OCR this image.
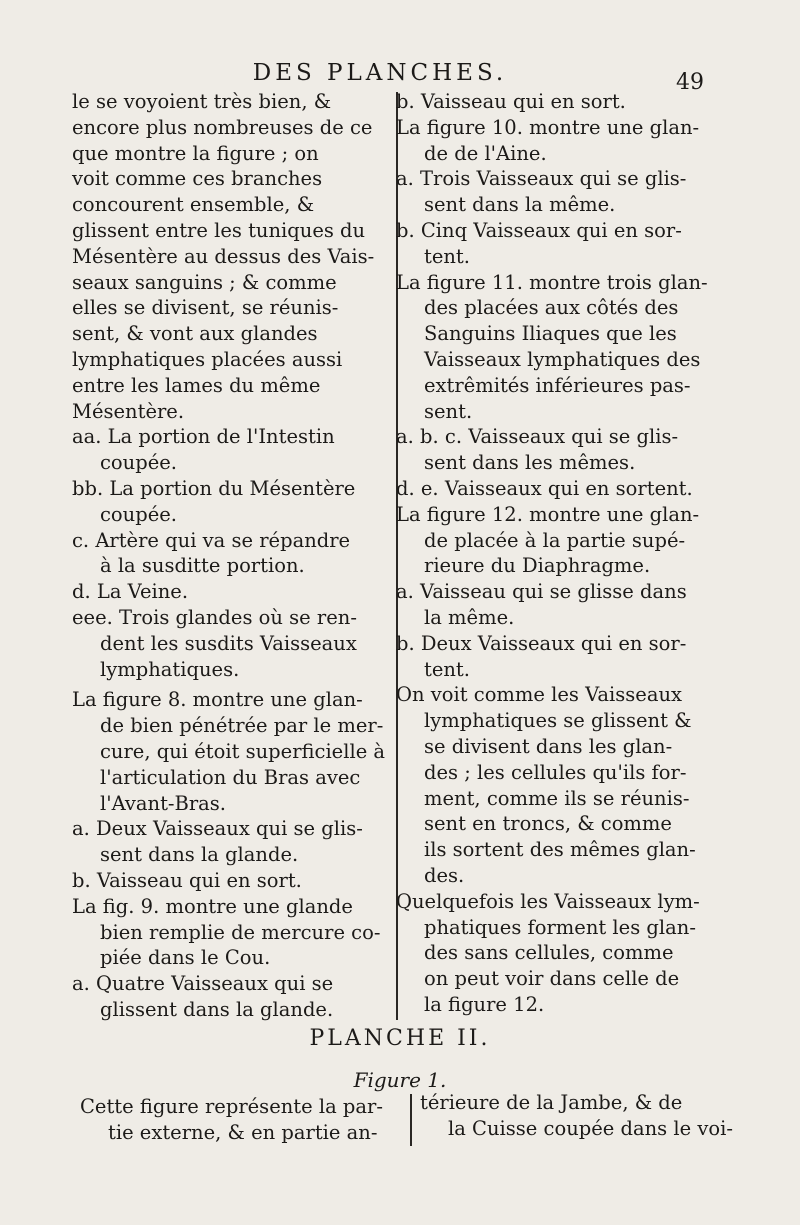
DES PLANCHES.	49
le se voyoient très bien, &
encore plus nombreuses de ce
que montre la figure ; on
voit comme ces branches
concourent ensemble, &
glissent entre les tuniques du
Mésentère au dessus des Vais-
seaux sanguins ; & comme
elles se divisent, se réunis-
sent, & vont aux glandes
lymphatiques placées aussi
entre les lames du même
Mésentère.
aa. La portion de l'Intestin
coupée.
bb. La portion du Mésentère
coupée.
c. Artère qui va se répandre
à la susditte portion.
d. La Veine.
eee. Trois glandes où se ren-
dent les susdits Vaisseaux
lymphatiques.
La figure 8. montre une glan-
de bien pénétrée par le mer-
cure, qui étoit superficielle à
l'articulation du Bras avec
l'Avant-Bras.
a. Deux Vaisseaux qui se glis-
sent dans la glande.
b. Vaisseau qui en sort.
La fig. 9. montre une glande
bien remplie de mercure co-
piée dans le Cou.
a. Quatre Vaisseaux qui se
glissent dans la glande.
b. Vaisseau qui en sort.
La figure 10. montre une glan-
de de l'Aine.
a. Trois Vaisseaux qui se glis-
sent dans la même.
b. Cinq Vaisseaux qui en sor-
tent.
La figure 11. montre trois glan-
des placées aux côtés des
Sanguins Iliaques que les
Vaisseaux lymphatiques des
extrêmités inférieures pas-
sent.
a. b. c. Vaisseaux qui se glis-
sent dans les mêmes.
d. e. Vaisseaux qui en sortent.
La figure 12. montre une glan-
de placée à la partie supé-
rieure du Diaphragme.
a. Vaisseau qui se glisse dans
la même.
b. Deux Vaisseaux qui en sor-
tent.
On voit comme les Vaisseaux
lymphatiques se glissent &
se divisent dans les glan-
des ; les cellules qu'ils for-
ment, comme ils se réunis-
sent en troncs, & comme
ils sortent des mêmes glan-
des.
Quelquefois les Vaisseaux lym-
phatiques forment les glan-
des sans cellules, comme
on peut voir dans celle de
la figure 12.
PLANCHE II.
Figure 1.
Cette figure représente la par-
tie externe, & en partie an-
térieure de la Jambe, & de
la Cuisse coupée dans le voi-
